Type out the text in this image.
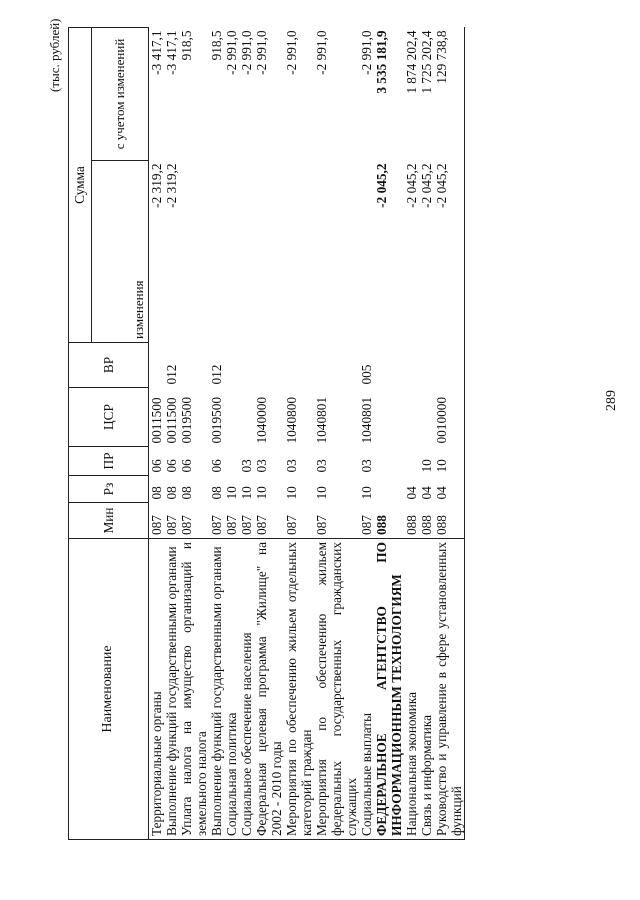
289
(тыс. рублей)
Наименование	Мин	Рз	ПР	ЦСР	ВР	Сумма	
						изменения	с учетом изменений
Территориальные органы	087	08	06	0011500		-2 319,2	-3 417,1
Выполнение функций государственными органами	087	08	06	0011500	012	-2 319,2	-3 417,1
Уплата налога на имущество организаций и земельного налога	087	08	06	0019500			918,5
Выполнение функций государственными органами	087	08	06	0019500	012		918,5
Социальная политика	087	10					-2 991,0
Социальное обеспечение населения	087	10	03				-2 991,0
Федеральная целевая программа "Жилище" на 2002 - 2010 годы	087	10	03	1040000			-2 991,0
Мероприятия по обеспечению жильем отдельных категорий граждан	087	10	03	1040800			-2 991,0
Мероприятия по обеспечению жильем федеральных государственных гражданских служащих	087	10	03	1040801			-2 991,0
Социальные выплаты	087	10	03	1040801	005		-2 991,0
ФЕДЕРАЛЬНОЕ АГЕНТСТВО ПО ИНФОРМАЦИОННЫМ ТЕХНОЛОГИЯМ	088					-2 045,2	3 535 181,9
Национальная экономика	088	04				-2 045,2	1 874 202,4
Связь и информатика	088	04	10			-2 045,2	1 725 202,4
Руководство и управление в сфере установленных функций	088	04	10	0010000		-2 045,2	129 738,8
